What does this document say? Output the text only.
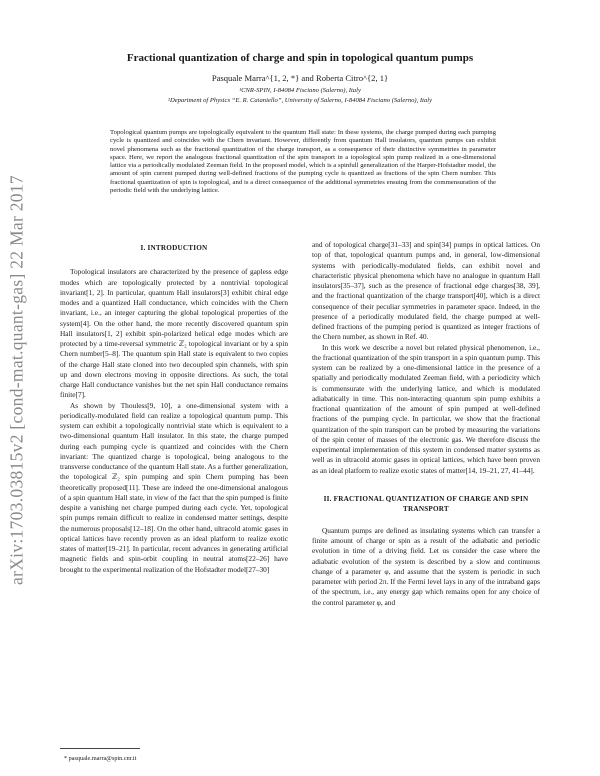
arXiv:1703.03815v2 [cond-mat.quant-gas] 22 Mar 2017
Fractional quantization of charge and spin in topological quantum pumps
Pasquale Marra^{1, 2, *} and Roberta Citro^{2, 1}
¹CNR-SPIN, I-84084 Fisciano (Salerno), Italy
²Department of Physics “E. R. Caianiello”, University of Salerno, I-84084 Fisciano (Salerno), Italy
Topological quantum pumps are topologically equivalent to the quantum Hall state: In these systems, the charge pumped during each pumping cycle is quantized and coincides with the Chern invariant. However, differently from quantum Hall insulators, quantum pumps can exhibit novel phenomena such as the fractional quantization of the charge transport, as a consequence of their distinctive symmetries in parameter space. Here, we report the analogous fractional quantization of the spin transport in a topological spin pump realized in a one-dimensional lattice via a periodically modulated Zeeman field. In the proposed model, which is a spinfull generalization of the Harper-Hofstadter model, the amount of spin current pumped during well-defined fractions of the pumping cycle is quantized as fractions of the spin Chern number. This fractional quantization of spin is topological, and is a direct consequence of the additional symmetries ensuing from the commensuration of the periodic field with the underlying lattice.
I. INTRODUCTION

Topological insulators are characterized by the presence of gapless edge modes which are topologically protected by a nontrivial topological invariant[1, 2]. In particular, quantum Hall insulators[3] exhibit chiral edge modes and a quantized Hall conductance, which coincides with the Chern invariant, i.e., an integer capturing the global topological properties of the system[4]. On the other hand, the more recently discovered quantum spin Hall insulators[1, 2] exhibit spin-polarized helical edge modes which are protected by a time-reversal symmetric ℤ₂ topological invariant or by a spin Chern number[5–8]. The quantum spin Hall state is equivalent to two copies of the charge Hall state cloned into two decoupled spin channels, with spin up and down electrons moving in opposite directions. As such, the total charge Hall conductance vanishes but the net spin Hall conductance remains finite[7].

As shown by Thouless[9, 10], a one-dimensional system with a periodically-modulated field can realize a topological quantum pump. This system can exhibit a topologically nontrivial state which is equivalent to a two-dimensional quantum Hall insulator. In this state, the charge pumped during each pumping cycle is quantized and coincides with the Chern invariant: The quantized charge is topological, being analogous to the transverse conductance of the quantum Hall state. As a further generalization, the topological ℤ₂ spin pumping and spin Chern pumping has been theoretically proposed[11]. These are indeed the one-dimensional analogous of a spin quantum Hall state, in view of the fact that the spin pumped is finite despite a vanishing net charge pumped during each cycle. Yet, topological spin pumps remain difficult to realize in condensed matter settings, despite the numerous proposals[12–18]. On the other hand, ultracold atomic gases in optical lattices have recently proven as an ideal platform to realize exotic states of matter[19–21]. In particular, recent advances in generating artificial magnetic fields and spin-orbit coupling in neutral atoms[22–26] have brought to the experimental realization of the Hofstadter model[27–30]

and of topological charge[31–33] and spin[34] pumps in optical lattices. On top of that, topological quantum pumps and, in general, low-dimensional systems with periodically-modulated fields, can exhibit novel and characteristic physical phenomena which have no analogue in quantum Hall insulators[35–37], such as the presence of fractional edge charges[38, 39], and the fractional quantization of the charge transport[40], which is a direct consequence of their peculiar symmetries in parameter space. Indeed, in the presence of a periodically modulated field, the charge pumped at well-defined fractions of the pumping period is quantized as integer fractions of the Chern number, as shown in Ref. 40.

In this work we describe a novel but related physical phenomenon, i.e., the fractional quantization of the spin transport in a spin quantum pump. This system can be realized by a one-dimensional lattice in the presence of a spatially and periodically modulated Zeeman field, with a periodicity which is commensurate with the underlying lattice, and which is modulated adiabatically in time. This non-interacting quantum spin pump exhibits a fractional quantization of the amount of spin pumped at well-defined fractions of the pumping cycle. In particular, we show that the fractional quantization of the spin transport can be probed by measuring the variations of the spin center of masses of the electronic gas. We therefore discuss the experimental implementation of this system in condensed matter systems as well as in ultracold atomic gases in optical lattices, which have been proven as an ideal platform to realize exotic states of matter[14, 19–21, 27, 41–44].

II. FRACTIONAL QUANTIZATION OF CHARGE AND SPIN TRANSPORT

Quantum pumps are defined as insulating systems which can transfer a finite amount of charge or spin as a result of the adiabatic and periodic evolution in time of a driving field. Let us consider the case where the adiabatic evolution of the system is described by a slow and continuous change of a parameter φ, and assume that the system is periodic in such parameter with period 2π. If the Fermi level lays in any of the intraband gaps of the spectrum, i.e., any energy gap which remains open for any choice of the control parameter φ, and

* pasquale.marra@spin.cnr.it
